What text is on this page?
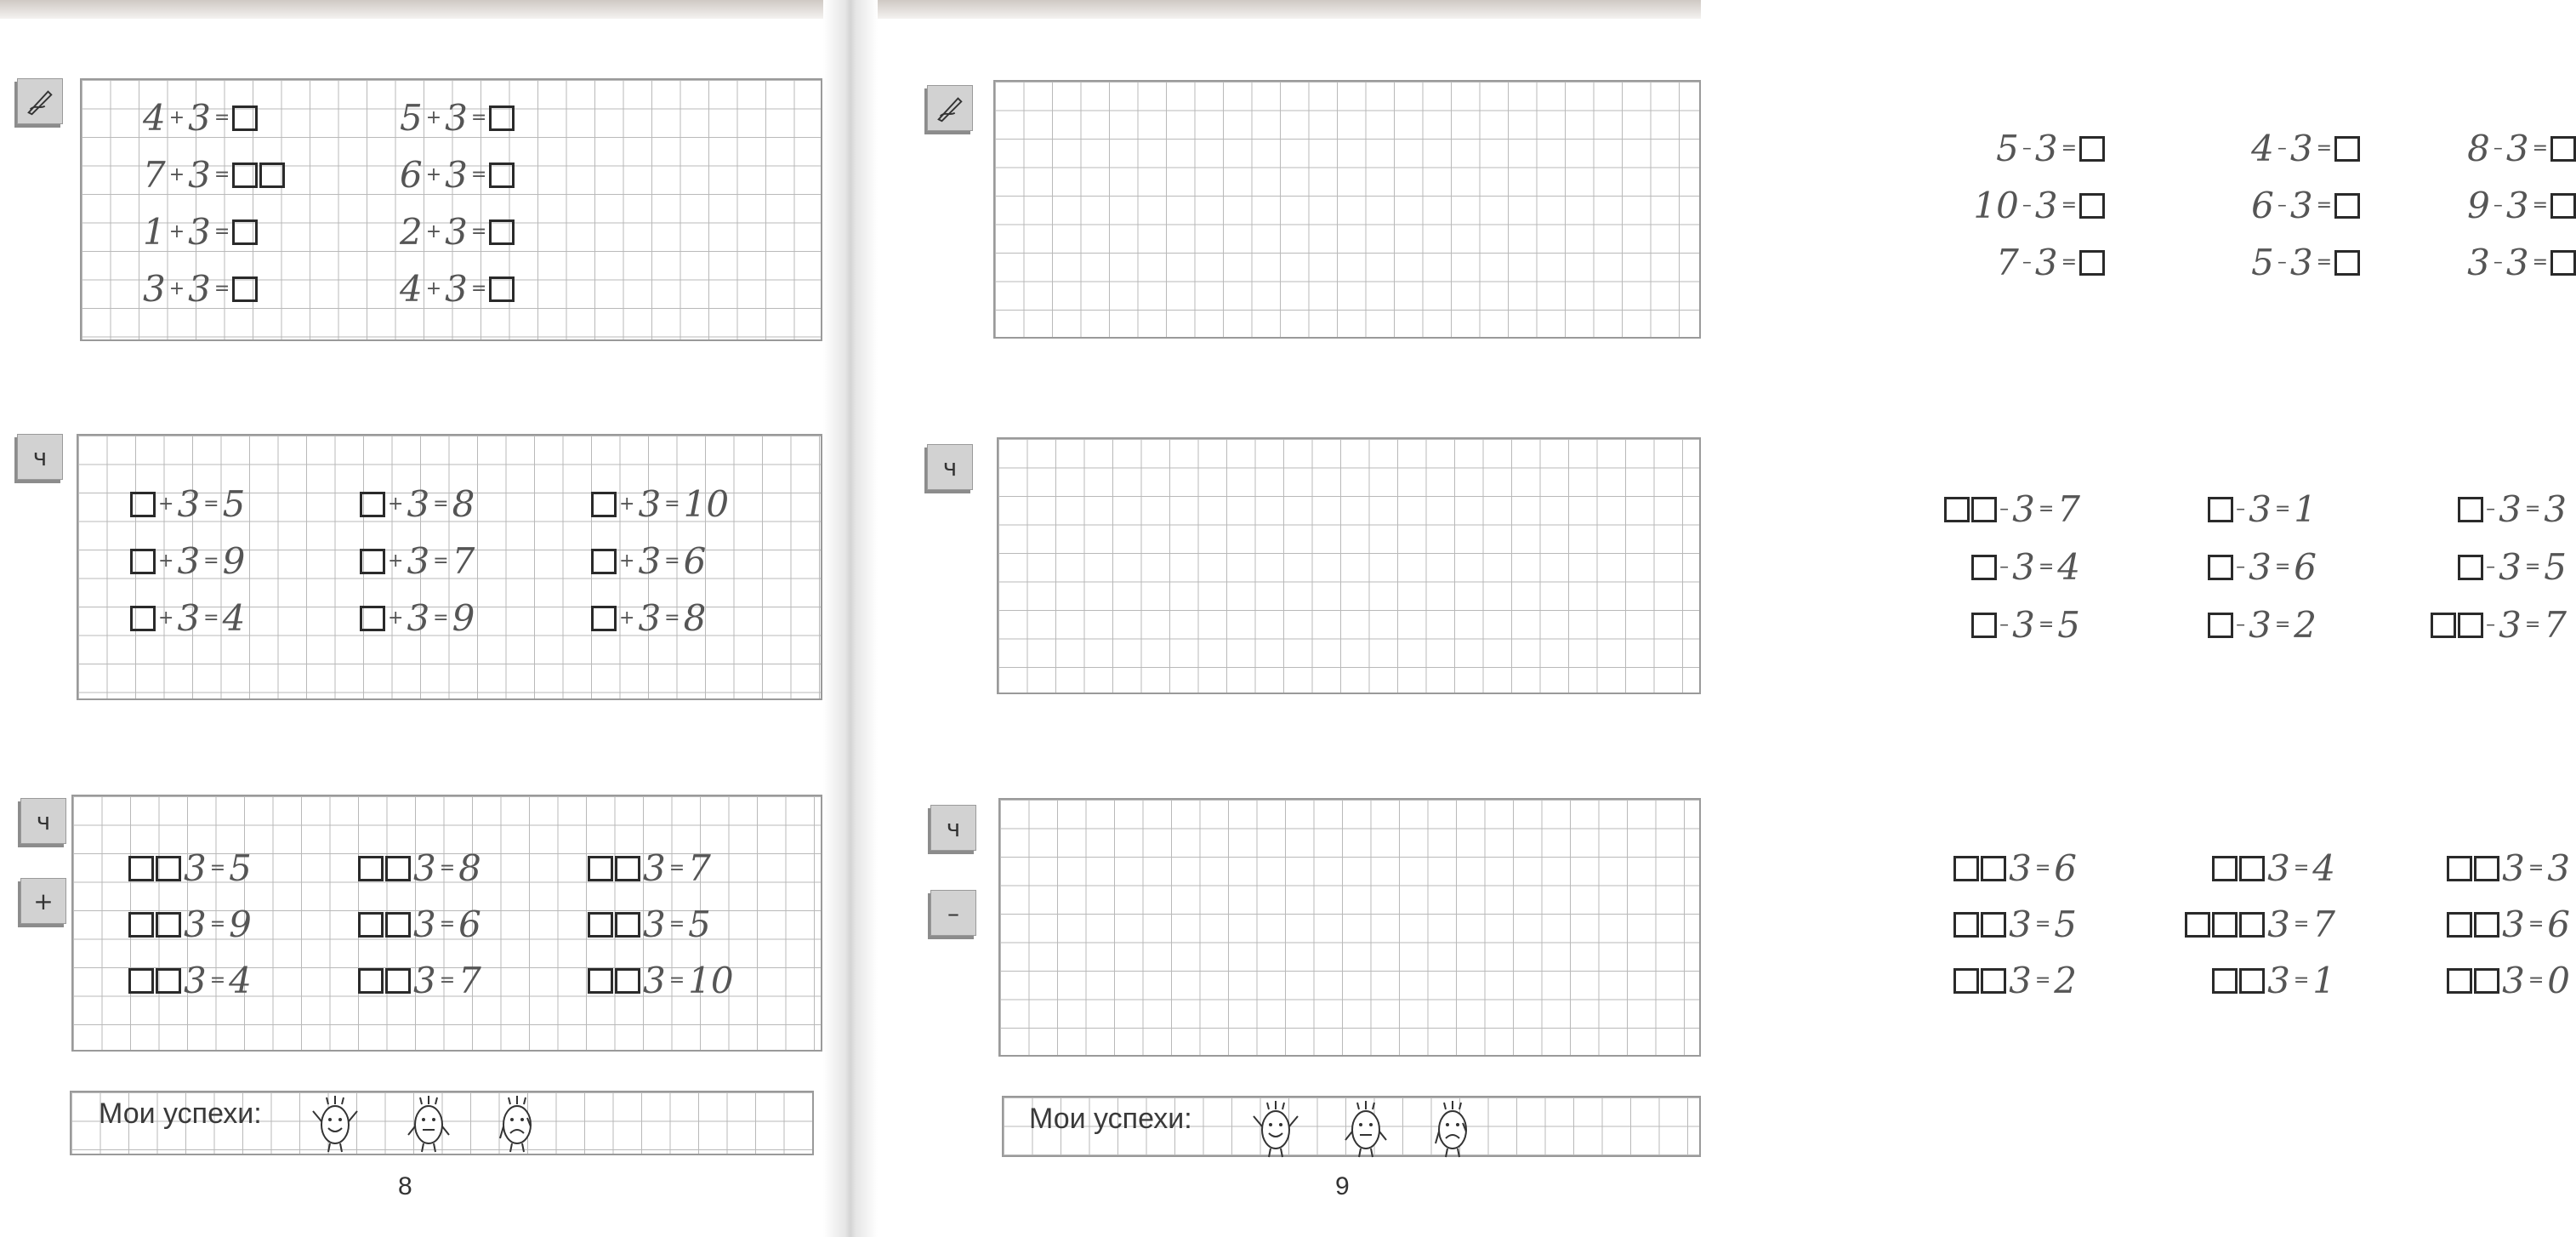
4 + 3 =	5 + 3 =
7 + 3 =	6 + 3 =
1 + 3 =	2 + 3 =
3 + 3 =	4 + 3 =
ч
+ 3 = 5	+ 3 = 8	+ 3 = 10
+ 3 = 9	+ 3 = 7	+ 3 = 6
+ 3 = 4	+ 3 = 9	+ 3 = 8
ч
+
3 = 5	3 = 8	3 = 7
3 = 9	3 = 6	3 = 5
3 = 4	3 = 7	3 = 10
Мои успехи:
8
5 – 3 =	4 – 3 =	8 – 3 =
10 – 3 =	6 – 3 =	9 – 3 =
7 – 3 =	5 – 3 =	3 – 3 =
ч
– 3 = 7	– 3 = 1	– 3 = 3
– 3 = 4	– 3 = 6	– 3 = 5
– 3 = 5	– 3 = 2	– 3 = 7
ч
–
3 = 6	3 = 4	3 = 3
3 = 5	3 = 7	3 = 6
3 = 2	3 = 1	3 = 0
Мои успехи:
9
